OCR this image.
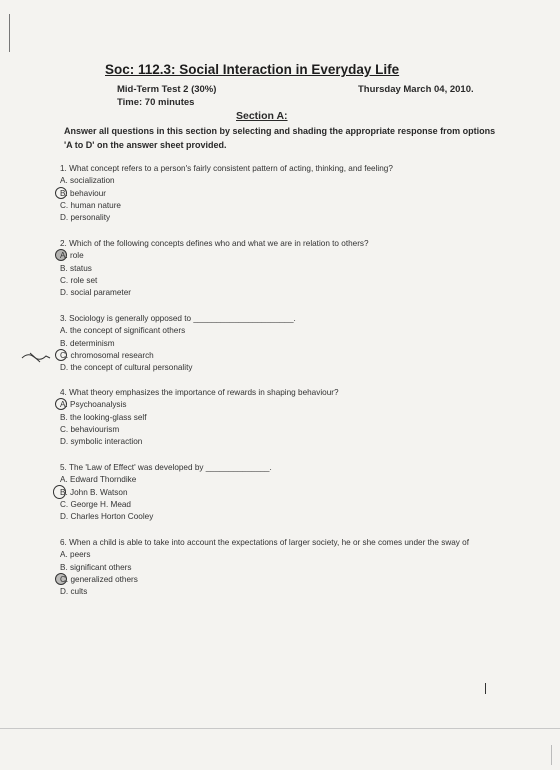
Soc: 112.3: Social Interaction in Everyday Life
Mid-Term Test 2 (30%)
Time: 70 minutes
Thursday March 04, 2010.
Section A:
Answer all questions in this section by selecting and shading the appropriate response from options 'A to D' on the answer sheet provided.
1. What concept refers to a person's fairly consistent pattern of acting, thinking, and feeling?
A. socialization
B. behaviour
C. human nature
D. personality
2. Which of the following concepts defines who and what we are in relation to others?
A. role
B. status
C. role set
D. social parameter
3. Sociology is generally opposed to ______________________.
A. the concept of significant others
B. determinism
C. chromosomal research
D. the concept of cultural personality
4. What theory emphasizes the importance of rewards in shaping behaviour?
A. Psychoanalysis
B. the looking-glass self
C. behaviourism
D. symbolic interaction
5. The 'Law of Effect' was developed by ______________.
A. Edward Thorndike
B. John B. Watson
C. George H. Mead
D. Charles Horton Cooley
6. When a child is able to take into account the expectations of larger society, he or she comes under the sway of
A. peers
B. significant others
C. generalized others
D. cults
